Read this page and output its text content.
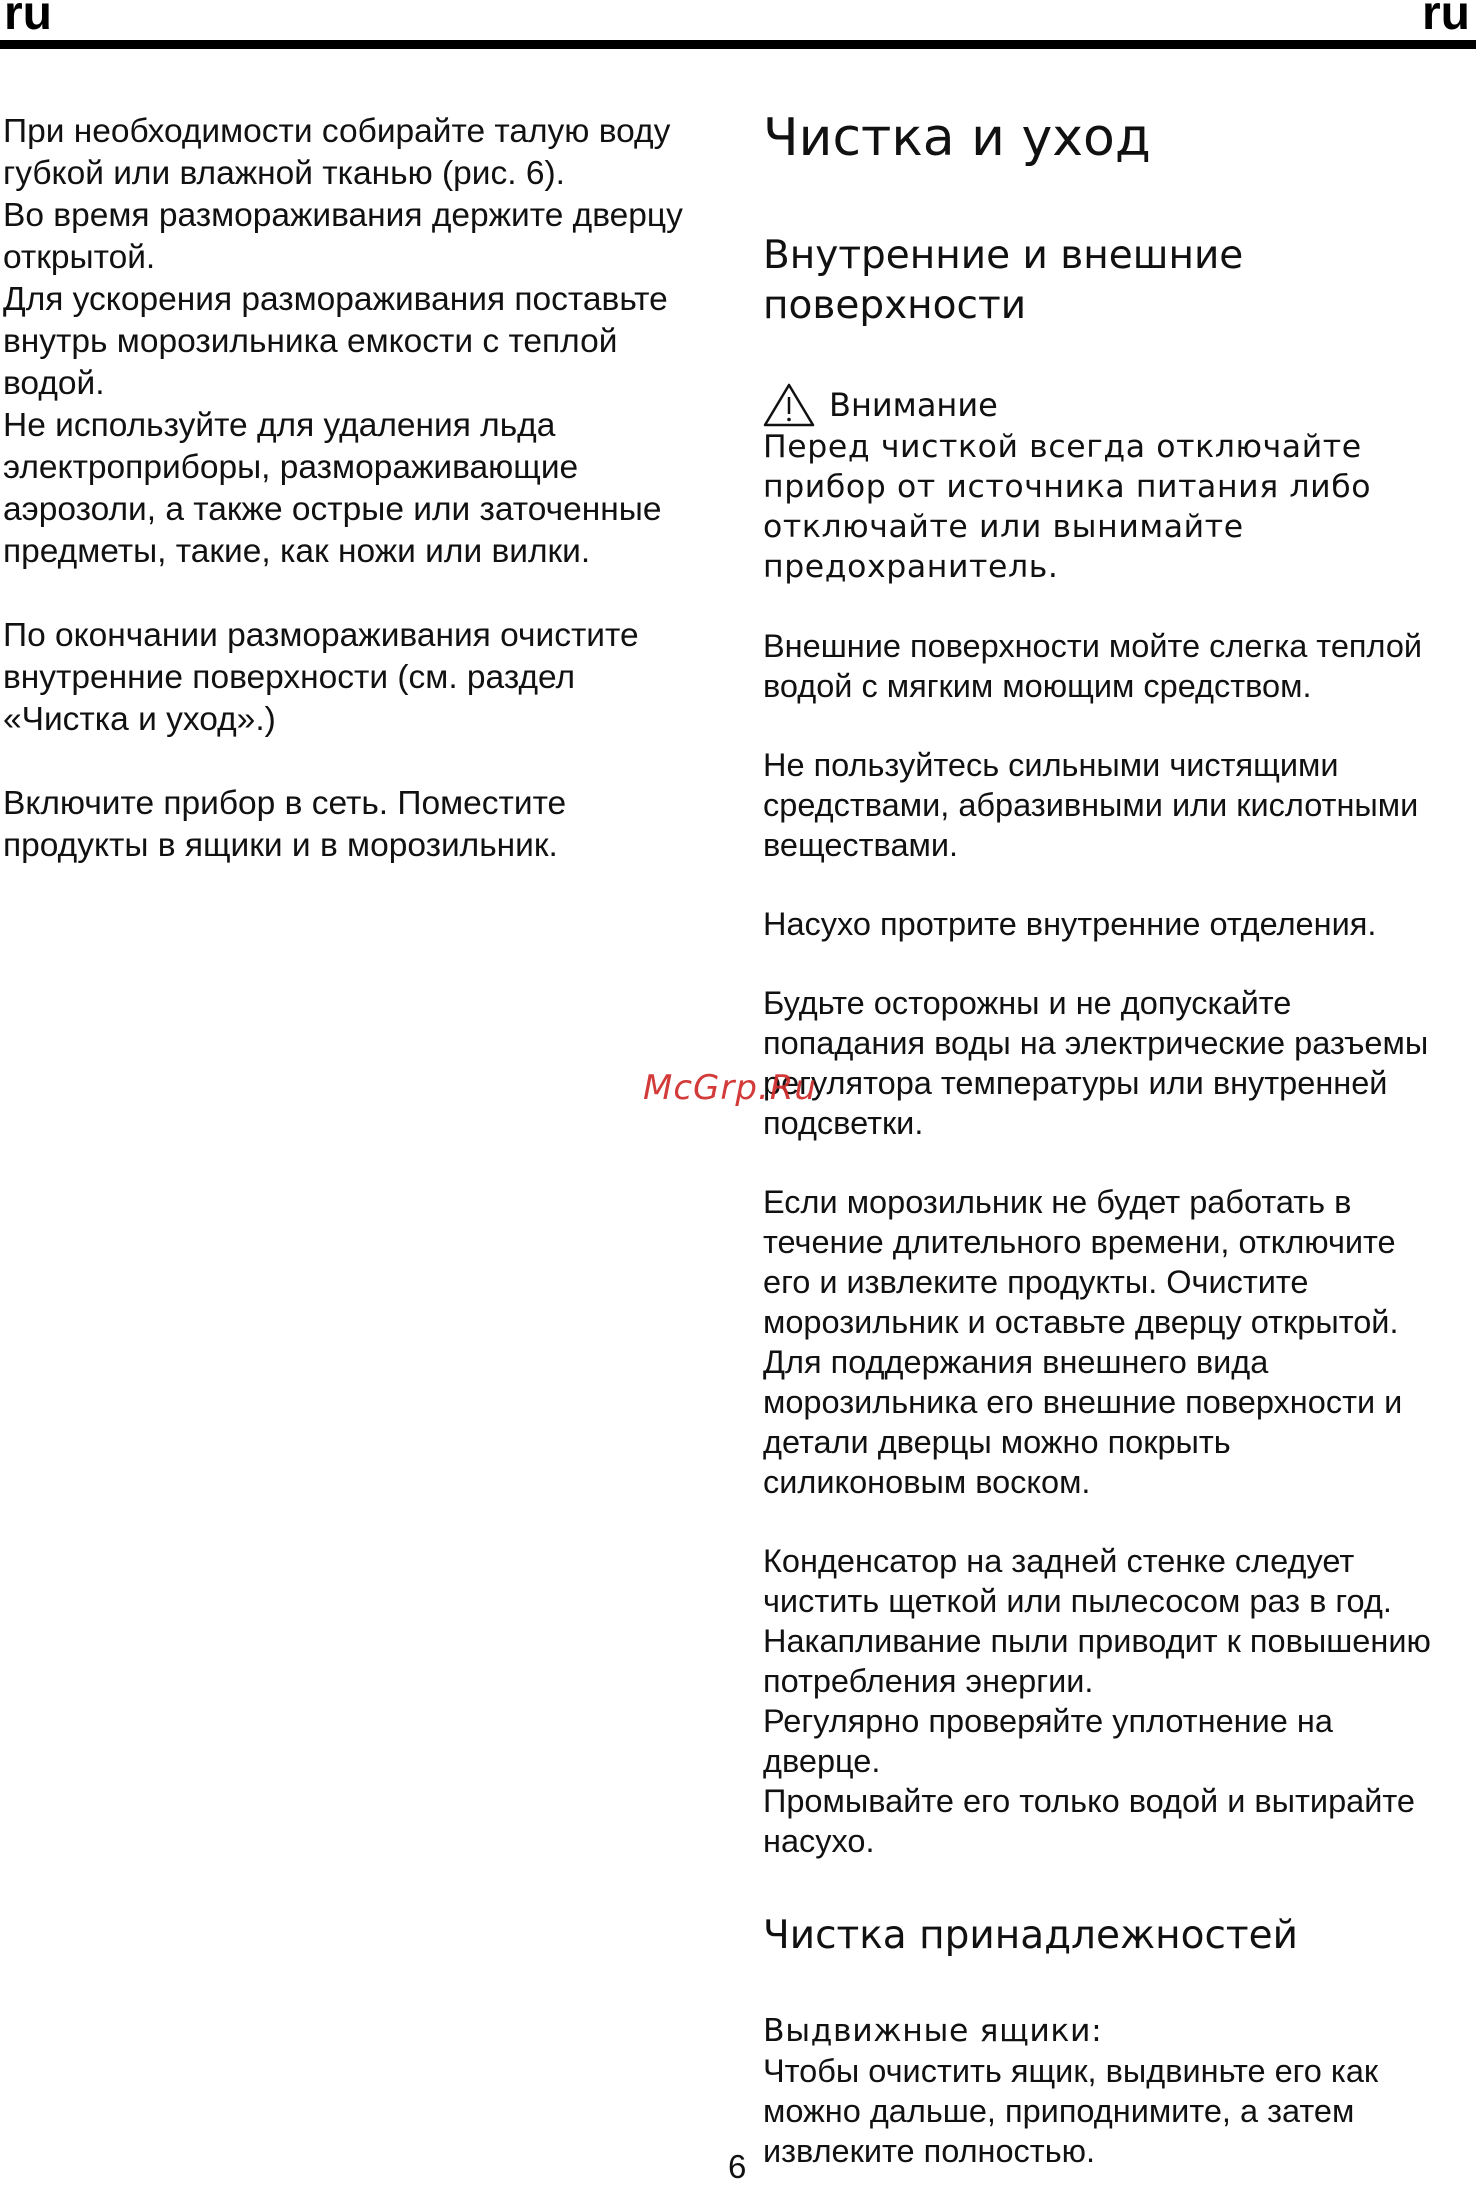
ru	ru

При необходимости собирайте талую воду
губкой или влажной тканью (рис. 6).
Во время размораживания держите дверцу
открытой.
Для ускорения размораживания поставьте
внутрь морозильника емкости с теплой
водой.
Не используйте для удаления льда
электроприборы, размораживающие
аэрозоли, а также острые или заточенные
предметы, такие, как ножи или вилки.

По окончании размораживания очистите
внутренние поверхности (см. раздел
«Чистка и уход».)

Включите прибор в сеть. Поместите
продукты в ящики и в морозильник.

Чистка и уход
Внутренние и внешние
поверхности
Внимание

Перед чисткой всегда отключайте
прибор от источника питания либо
отключайте или вынимайте
предохранитель.

Внешние поверхности мойте слегка теплой
водой с мягким моющим средством.

Не пользуйтесь сильными чистящими
средствами, абразивными или кислотными
веществами.

Насухо протрите внутренние отделения.

Будьте осторожны и не допускайте
попадания воды на электрические разъемы
регулятора температуры или внутренней
подсветки.

Если морозильник не будет работать в
течение длительного времени, отключите
его и извлеките продукты. Очистите
морозильник и оставьте дверцу открытой.
Для поддержания внешнего вида
морозильника его внешние поверхности и
детали дверцы можно покрыть
силиконовым воском.

Конденсатор на задней стенке следует
чистить щеткой или пылесосом раз в год.
Накапливание пыли приводит к повышению
потребления энергии.
Регулярно проверяйте уплотнение на
дверце.
Промывайте его только водой и вытирайте
насухо.

Чистка принадлежностей

Выдвижные ящики:

Чтобы очистить ящик, выдвиньте его как
можно дальше, приподнимите, а затем
извлеките полностью.

McGrp.Ru
6
